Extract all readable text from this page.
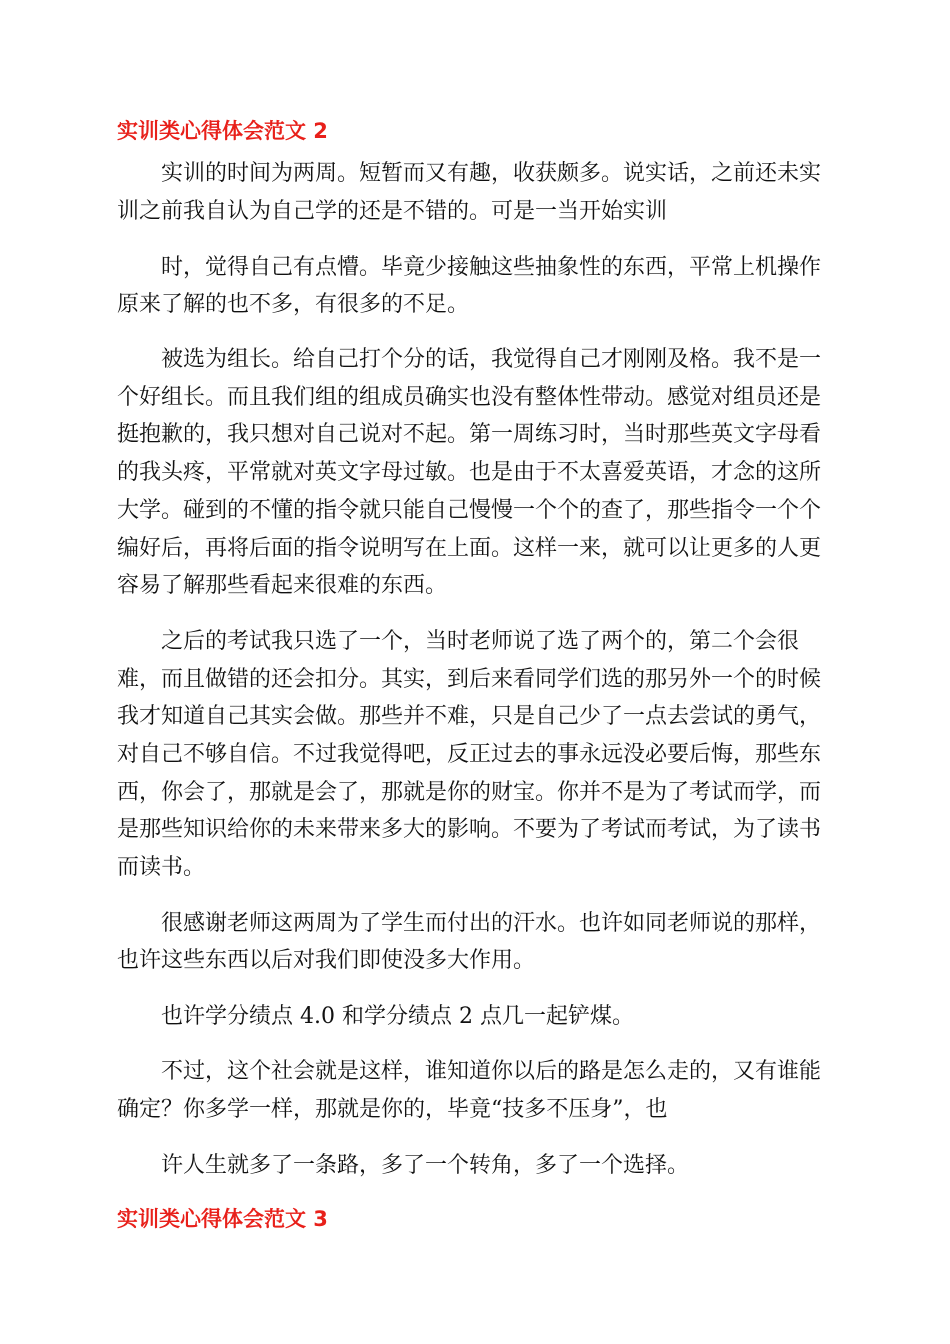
实训类心得体会范文 2

实训的时间为两周。短暂而又有趣，收获颇多。说实话，之前还未实

训之前我自认为自己学的还是不错的。可是一当开始实训

时，觉得自己有点懵。毕竟少接触这些抽象性的东西，平常上机操作

原来了解的也不多，有很多的不足。

被选为组长。给自己打个分的话，我觉得自己才刚刚及格。我不是一

个好组长。而且我们组的组成员确实也没有整体性带动。感觉对组员还是

挺抱歉的，我只想对自己说对不起。第一周练习时，当时那些英文字母看

的我头疼，平常就对英文字母过敏。也是由于不太喜爱英语，才念的这所

大学。碰到的不懂的指令就只能自己慢慢一个个的查了，那些指令一个个

编好后，再将后面的指令说明写在上面。这样一来，就可以让更多的人更

容易了解那些看起来很难的东西。

之后的考试我只选了一个，当时老师说了选了两个的，第二个会很

难，而且做错的还会扣分。其实，到后来看同学们选的那另外一个的时候

我才知道自己其实会做。那些并不难，只是自己少了一点去尝试的勇气，

对自己不够自信。不过我觉得吧，反正过去的事永远没必要后悔，那些东

西，你会了，那就是会了，那就是你的财宝。你并不是为了考试而学，而

是那些知识给你的未来带来多大的影响。不要为了考试而考试，为了读书

而读书。

很感谢老师这两周为了学生而付出的汗水。也许如同老师说的那样，

也许这些东西以后对我们即使没多大作用。

也许学分绩点 4.0 和学分绩点 2 点几一起铲煤。

不过，这个社会就是这样，谁知道你以后的路是怎么走的，又有谁能

确定？你多学一样，那就是你的，毕竟“技多不压身”，也

许人生就多了一条路，多了一个转角，多了一个选择。

实训类心得体会范文 3
